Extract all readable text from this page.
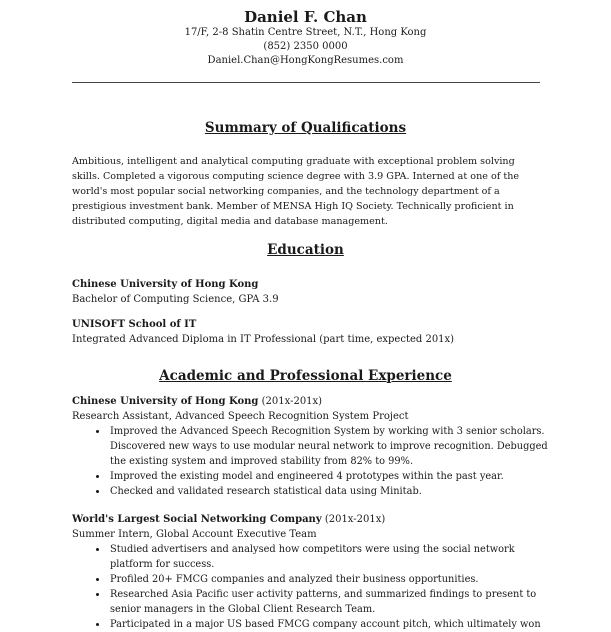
Daniel F. Chan
17/F, 2-8 Shatin Centre Street, N.T., Hong Kong
(852) 2350 0000
Daniel.Chan@HongKongResumes.com
Summary of Qualifications
Ambitious, intelligent and analytical computing graduate with exceptional problem solving skills. Completed a vigorous computing science degree with 3.9 GPA. Interned at one of the world's most popular social networking companies, and the technology department of a prestigious investment bank. Member of MENSA High IQ Society. Technically proficient in distributed computing, digital media and database management.
Education
Chinese University of Hong Kong
Bachelor of Computing Science, GPA 3.9
UNISOFT School of IT
Integrated Advanced Diploma in IT Professional (part time, expected 201x)
Academic and Professional Experience
Chinese University of Hong Kong (201x-201x)
Research Assistant, Advanced Speech Recognition System Project
• Improved the Advanced Speech Recognition System by working with 3 senior scholars. Discovered new ways to use modular neural network to improve recognition. Debugged the existing system and improved stability from 82% to 99%.
• Improved the existing model and engineered 4 prototypes within the past year.
• Checked and validated research statistical data using Minitab.
World's Largest Social Networking Company (201x-201x)
Summer Intern, Global Account Executive Team
• Studied advertisers and analysed how competitors were using the social network platform for success.
• Profiled 20+ FMCG companies and analyzed their business opportunities.
• Researched Asia Pacific user activity patterns, and summarized findings to present to senior managers in the Global Client Research Team.
• Participated in a major US based FMCG company account pitch, which ultimately won
